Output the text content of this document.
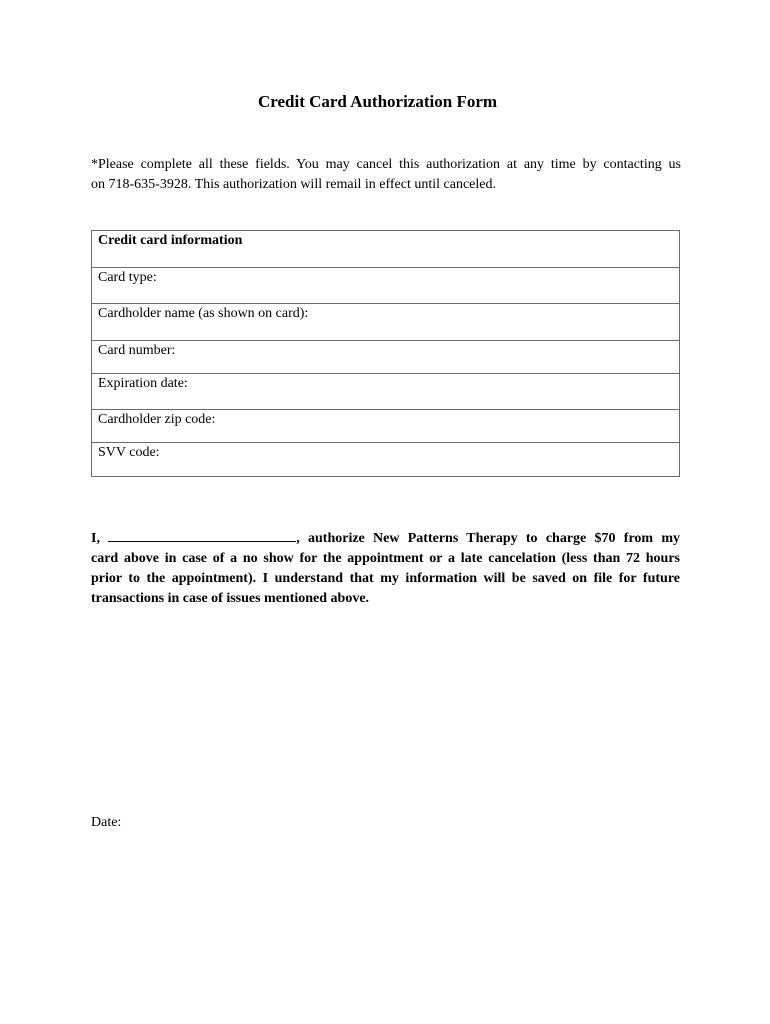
Credit Card Authorization Form
*Please complete all these fields. You may cancel this authorization at any time by contacting us
on 718-635-3928. This authorization will remail in effect until canceled.
Credit card information
Card type:
Cardholder name (as shown on card):
Card number:
Expiration date:
Cardholder zip code:
SVV code:
I,	, authorize New Patterns Therapy to charge $70 from my
card above in case of a no show for the appointment or a late cancelation (less than 72 hours
prior to the appointment). I understand that my information will be saved on file for future
transactions in case of issues mentioned above.
Date:
